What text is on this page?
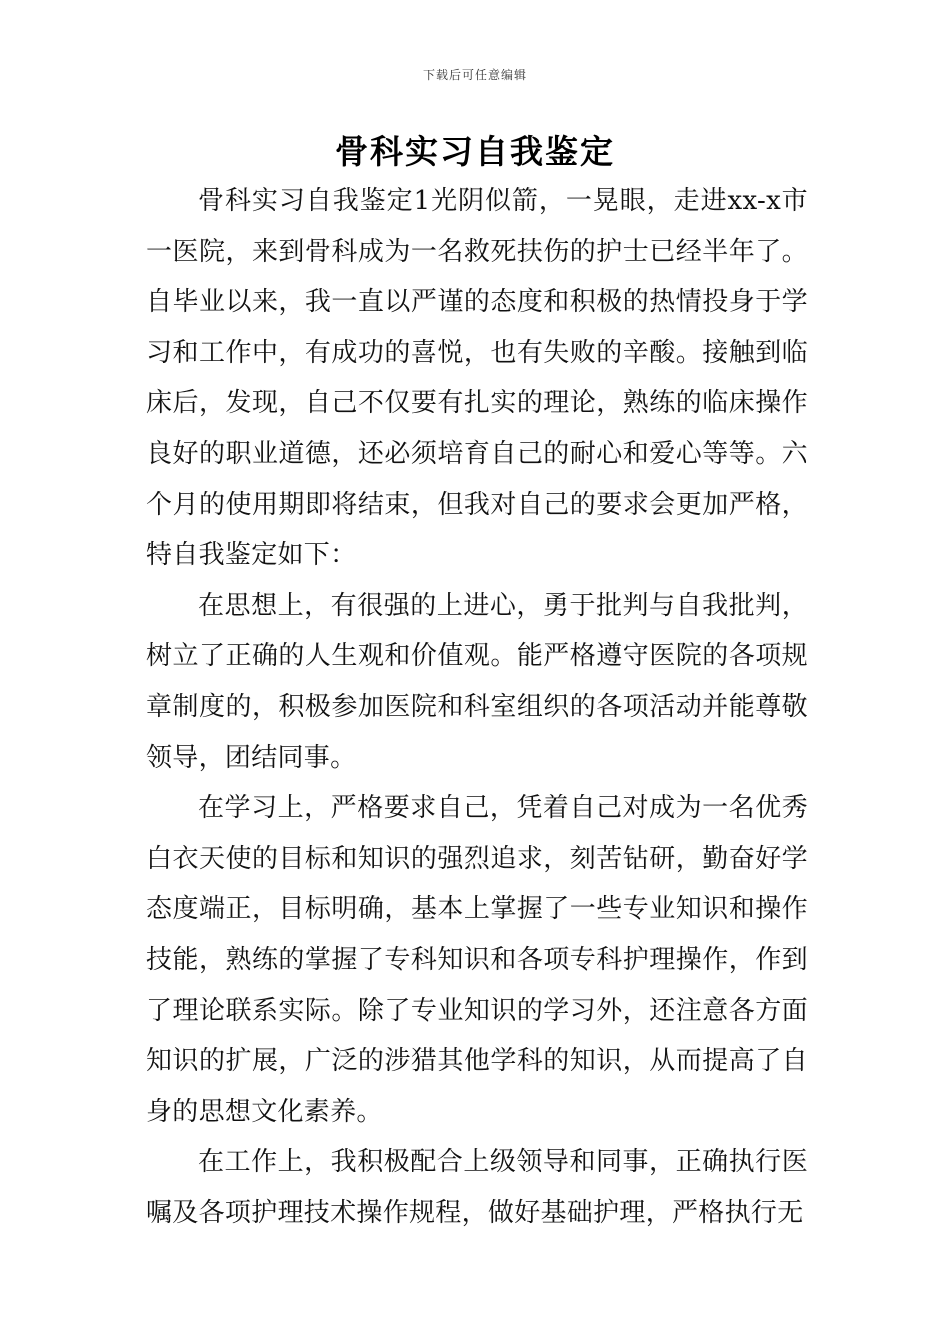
下载后可任意编辑
骨科实习自我鉴定

骨科实习自我鉴定1光阴似箭，一晃眼，走进xx-x市一医院，来到骨科成为一名救死扶伤的护士已经半年了。自毕业以来，我一直以严谨的态度和积极的热情投身于学习和工作中，有成功的喜悦，也有失败的辛酸。接触到临床后，发现，自己不仅要有扎实的理论，熟练的临床操作良好的职业道德，还必须培育自己的耐心和爱心等等。六个月的使用期即将结束，但我对自己的要求会更加严格，特自我鉴定如下：

在思想上，有很强的上进心，勇于批判与自我批判，树立了正确的人生观和价值观。能严格遵守医院的各项规章制度的，积极参加医院和科室组织的各项活动并能尊敬领导，团结同事。

在学习上，严格要求自己，凭着自己对成为一名优秀白衣天使的目标和知识的强烈追求，刻苦钻研，勤奋好学态度端正，目标明确，基本上掌握了一些专业知识和操作技能，熟练的掌握了专科知识和各项专科护理操作，作到了理论联系实际。除了专业知识的学习外，还注意各方面知识的扩展，广泛的涉猎其他学科的知识，从而提高了自身的思想文化素养。

在工作上，我积极配合上级领导和同事，正确执行医嘱及各项护理技术操作规程，做好基础护理，严格执行无
